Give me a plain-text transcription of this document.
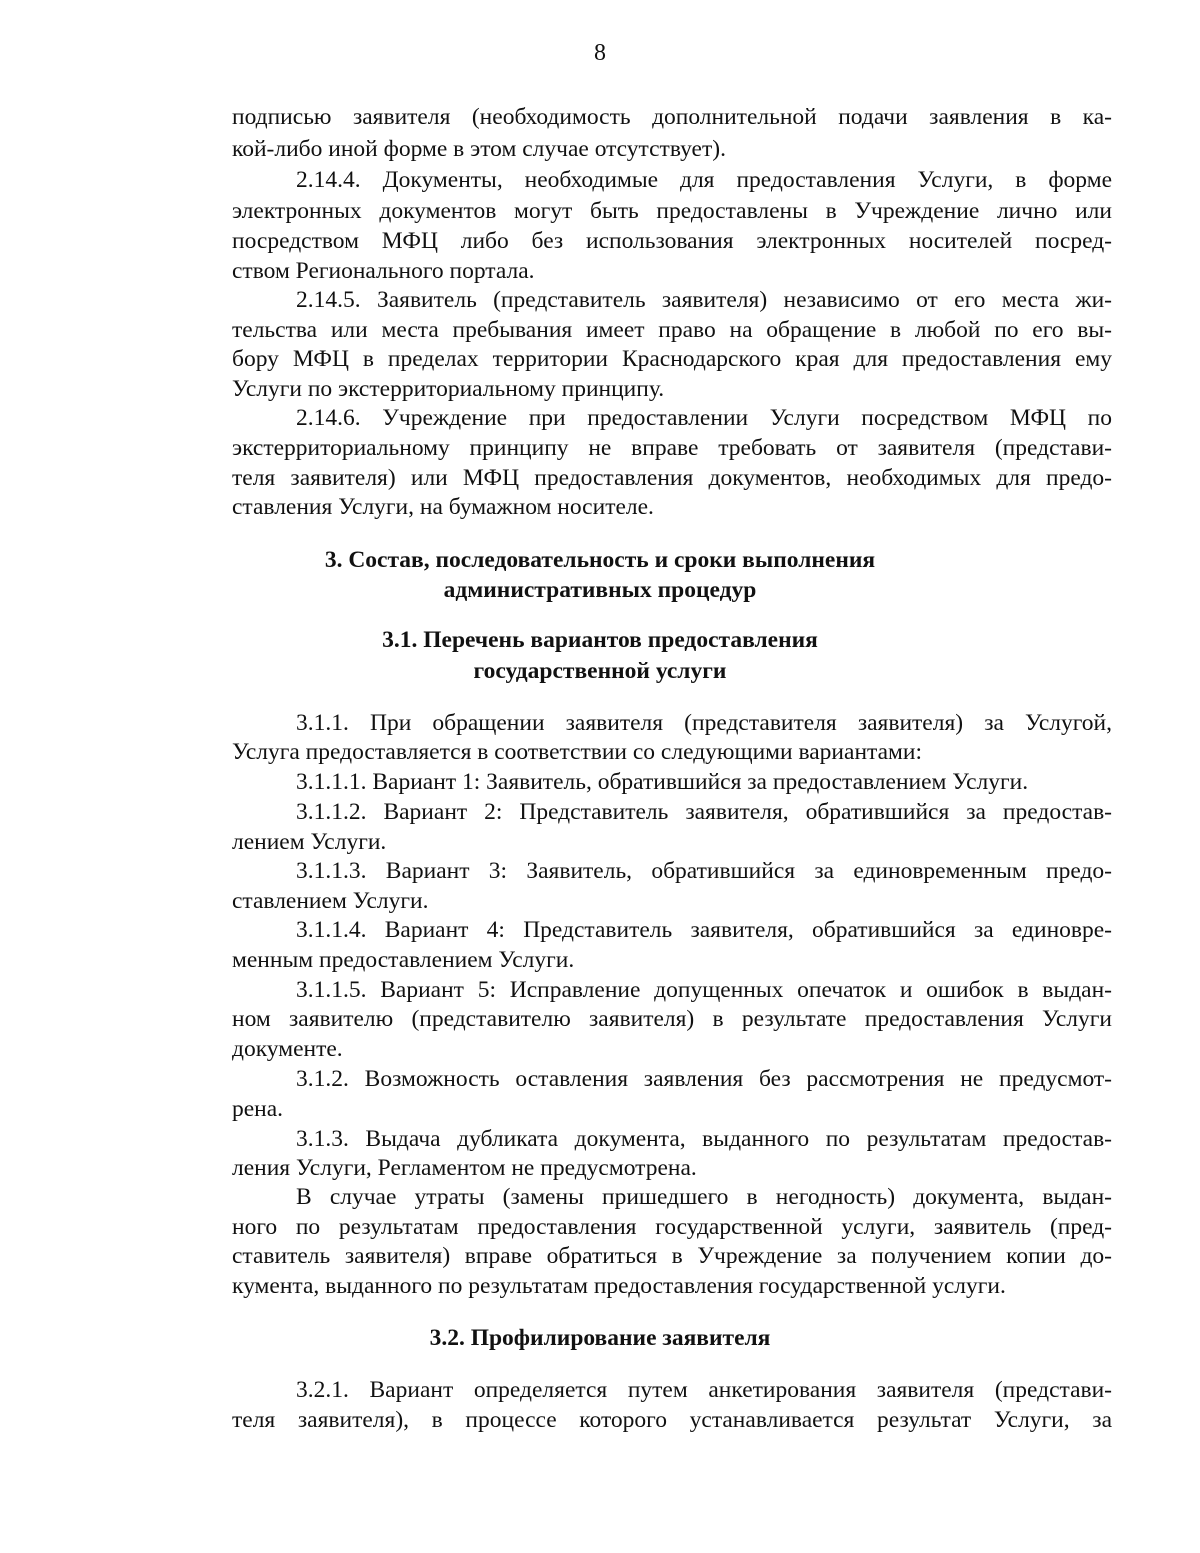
8
подписью заявителя (необходимость дополнительной подачи заявления в ка-
кой-либо иной форме в этом случае отсутствует).
2.14.4. Документы, необходимые для предоставления Услуги, в форме
электронных документов могут быть предоставлены в Учреждение лично или
посредством МФЦ либо без использования электронных носителей посред-
ством Регионального портала.
2.14.5. Заявитель (представитель заявителя) независимо от его места жи-
тельства или места пребывания имеет право на обращение в любой по его вы-
бору МФЦ в пределах территории Краснодарского края для предоставления ему
Услуги по экстерриториальному принципу.
2.14.6. Учреждение при предоставлении Услуги посредством МФЦ по
экстерриториальному принципу не вправе требовать от заявителя (представи-
теля заявителя) или МФЦ предоставления документов, необходимых для предо-
ставления Услуги, на бумажном носителе.
3. Состав, последовательность и сроки выполнения
административных процедур
3.1. Перечень вариантов предоставления
государственной услуги
3.1.1. При обращении заявителя (представителя заявителя) за Услугой,
Услуга предоставляется в соответствии со следующими вариантами:
3.1.1.1. Вариант 1: Заявитель, обратившийся за предоставлением Услуги.
3.1.1.2. Вариант 2: Представитель заявителя, обратившийся за предостав-
лением Услуги.
3.1.1.3. Вариант 3: Заявитель, обратившийся за единовременным предо-
ставлением Услуги.
3.1.1.4. Вариант 4: Представитель заявителя, обратившийся за единовре-
менным предоставлением Услуги.
3.1.1.5. Вариант 5: Исправление допущенных опечаток и ошибок в выдан-
ном заявителю (представителю заявителя) в результате предоставления Услуги
документе.
3.1.2. Возможность оставления заявления без рассмотрения не предусмот-
рена.
3.1.3. Выдача дубликата документа, выданного по результатам предостав-
ления Услуги, Регламентом не предусмотрена.
В случае утраты (замены пришедшего в негодность) документа, выдан-
ного по результатам предоставления государственной услуги, заявитель (пред-
ставитель заявителя) вправе обратиться в Учреждение за получением копии до-
кумента, выданного по результатам предоставления государственной услуги.
3.2. Профилирование заявителя
3.2.1. Вариант определяется путем анкетирования заявителя (представи-
теля заявителя), в процессе которого устанавливается результат Услуги, за
